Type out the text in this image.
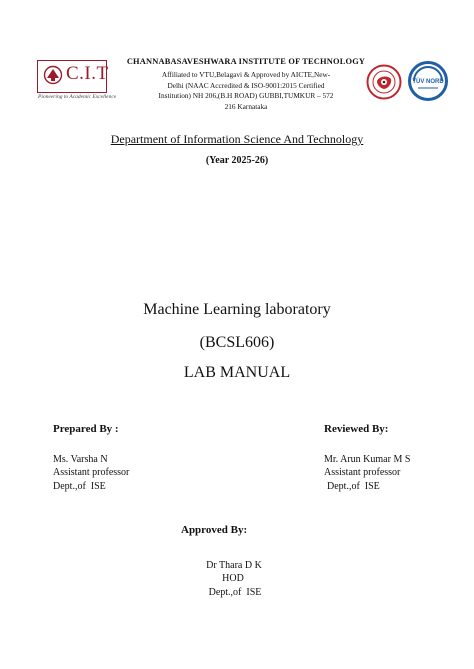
C.I.T
Pioneering to Academic Excellence
CHANNABASAVESHWARA INSTITUTE OF TECHNOLOGY
Affiliated to VTU,Belagavi & Approved by AICTE,New-
Delhi (NAAC Accredited & ISO-9001:2015 Certified
Institution) NH 206,(B.H ROAD) GUBBI,TUMKUR – 572
216 Karnataka
TÜV NORD
Department of Information Science And Technology
(Year 2025-26)
Machine Learning laboratory
(BCSL606)
LAB MANUAL
Prepared By :	Reviewed By:
Ms. Varsha N
Assistant professor
Dept.,of  ISE
Mr. Arun Kumar M S
Assistant professor
Dept.,of  ISE
Approved By:
Dr Thara D K
HOD
Dept.,of  ISE
